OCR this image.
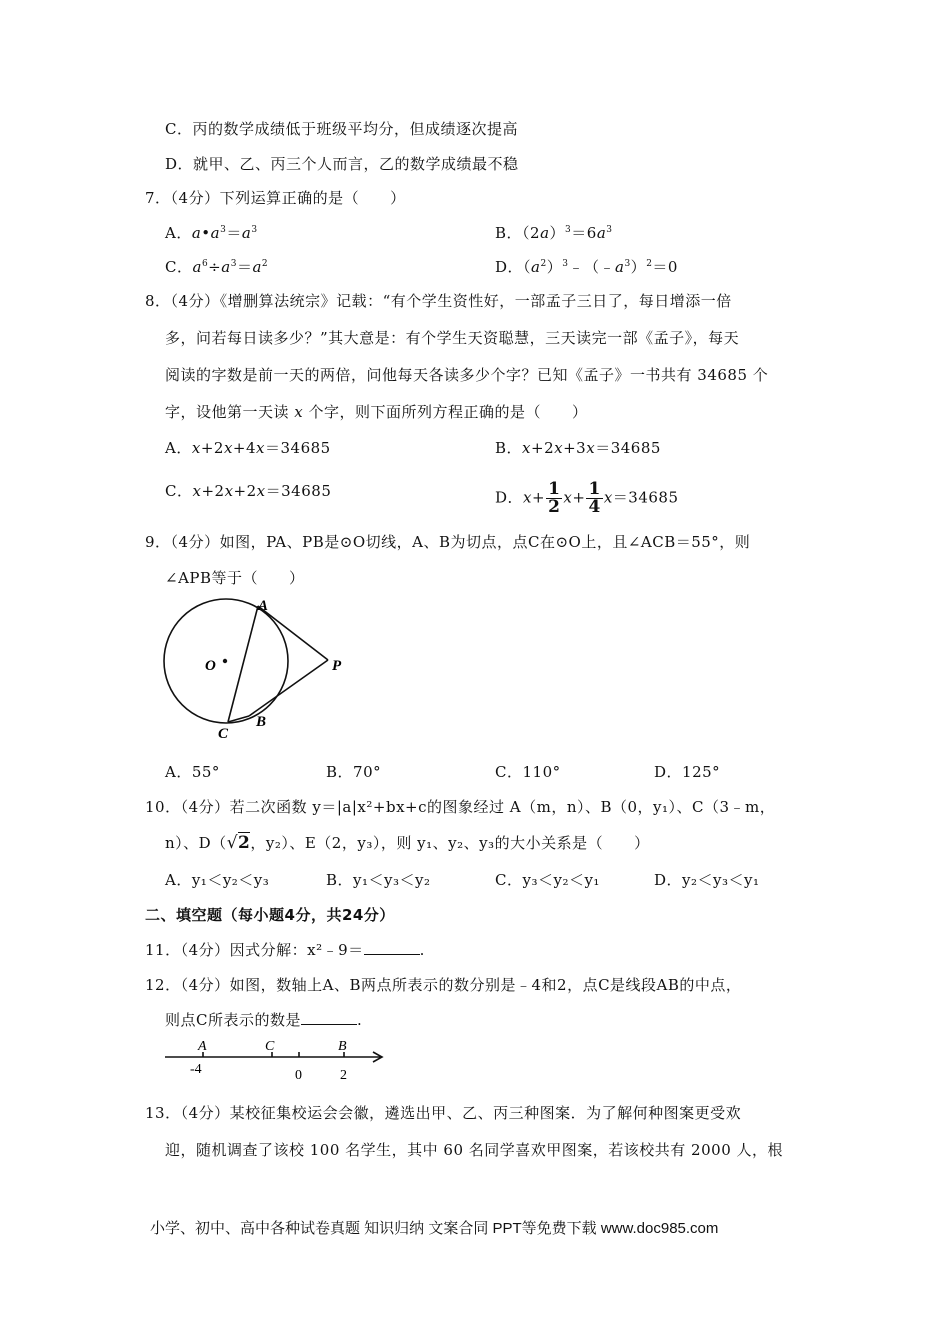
C．丙的数学成绩低于班级平均分，但成绩逐次提高
D．就甲、乙、丙三个人而言，乙的数学成绩最不稳
7．（4分）下列运算正确的是（　　）
A．$a•a^3=a^3$	B．$(2a)^3=6a^3$
C．$a^6\div a^3=a^2$	D．$(a^2)^3﹣(﹣a^3)^2=0$
8．（4分）《增删算法统宗》记载：“有个学生资性好，一部孟子三日了，每日增添一倍
多，问若每日读多少？”其大意是：有个学生天资聪慧，三天读完一部《孟子》，每天
阅读的字数是前一天的两倍，问他每天各读多少个字？已知《孟子》一书共有 34685 个
字，设他第一天读 x 个字，则下面所列方程正确的是（　　）
A．x+2x+4x＝34685	B．x+2x+3x＝34685
C．x+2x+2x＝34685	D．$x+ \frac{1}{2} x+ \frac{1}{4} x=34685$
9．（4分）如图，PA、PB是⊙O切线，A、B为切点，点C在⊙O上，且∠ACB＝55°，则
∠APB等于（　　）
A
O	P
B
C
A．55°	B．70°	C．110°	D．125°
10．（4分）若二次函数 y＝|a|x²+bx+c的图象经过 A（m，n）、B（0，y₁）、C（3﹣m，
n）、D（√2，y₂）、E（2，y₃），则 y₁、y₂、y₃的大小关系是（　　）
A．y₁＜y₂＜y₃	B．y₁＜y₃＜y₂	C．y₃＜y₂＜y₁	D．y₂＜y₃＜y₁
二、填空题（每小题4分，共24分）
11．（4分）因式分解：x²﹣9＝	.
12．（4分）如图，数轴上A、B两点所表示的数分别是﹣4和2，点C是线段AB的中点，
则点C所表示的数是	.
A	C	B
-4	0	2
13．（4分）某校征集校运会会徽，遴选出甲、乙、丙三种图案．为了解何种图案更受欢
迎，随机调查了该校 100 名学生，其中 60 名同学喜欢甲图案，若该校共有 2000 人，根
小学、初中、高中各种试卷真题 知识归纳 文案合同 PPT等免费下载 www.doc985.com
